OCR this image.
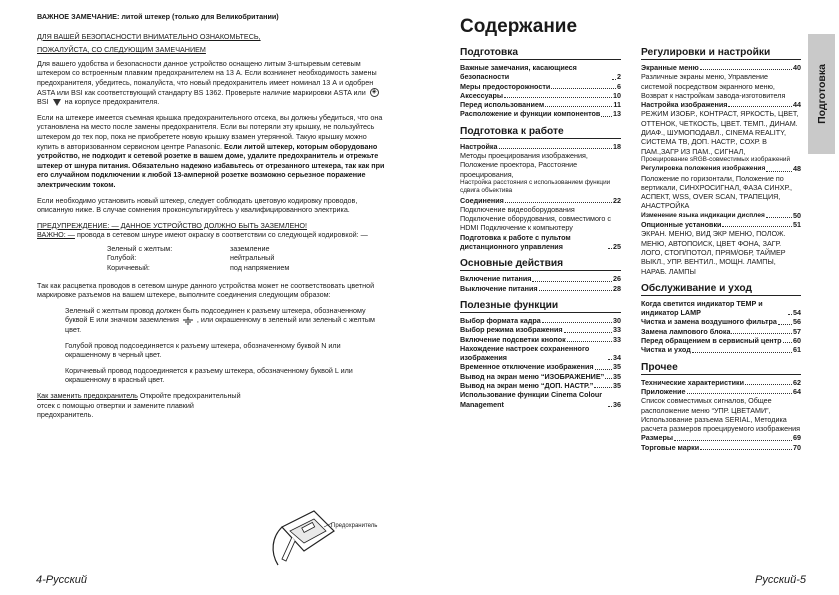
ВАЖНОЕ ЗАМЕЧАНИЕ: литой штекер (только для Великобритании)

ДЛЯ ВАШЕЙ БЕЗОПАСНОСТИ ВНИМАТЕЛЬНО ОЗНАКОМЬТЕСЬ,

ПОЖАЛУЙСТА, СО СЛЕДУЮЩИМ ЗАМЕЧАНИЕМ

Для вашего удобства и безопасности данное устройство оснащено литым 3-штыревым сетевым штекером со встроенным плавким предохранителем на 13 А. Если возникнет необходимость замены предохранителя, убедитесь, пожалуйста, что новый предохранитель имеет номинал 13 А и одобрен ASTA или BSI как соответствующий стандарту BS 1362. Проверьте наличие маркировки ASTA или ◈ BSI на корпусе предохранителя.

Если на штекере имеется съемная крышка предохранительного отсека, вы должны убедиться, что она установлена на место после замены предохранителя. Если вы потеряли эту крышку, не пользуйтесь штекером до тех пор, пока не приобретете новую крышку взамен утерянной. Такую крышку можно купить в авторизованном сервисном центре Panasonic. Если литой штекер, которым оборудовано устройство, не подходит к сетевой розетке в вашем доме, удалите предохранитель и отрежьте штекер от шнура питания. Обязательно надежно избавьтесь от отрезанного штекера, так как при его случайном подключении к любой 13-амперной розетке возможно серьезное поражение электрическим током.

Если необходимо установить новый штекер, следует соблюдать цветовую кодировку проводов, описанную ниже. В случае сомнения проконсультируйтесь у квалифицированного электрика.

ПРЕДУПРЕЖДЕНИЕ: — ДАННОЕ УСТРОЙСТВО ДОЛЖНО БЫТЬ ЗАЗЕМЛЕНО!

ВАЖНО: — провода в сетевом шнуре имеют окраску в соответствии со следующей кодировкой: —

Зеленый с желтым:	заземление
Голубой:	нейтральный
Коричневый:	под напряжением

Так как расцветка проводов в сетевом шнуре данного устройства может не соответствовать цветной маркировке разъемов на вашем штекере, выполните соединения следующим образом:

Зеленый с желтым провод должен быть подсоединен к разъему штекера, обозначенному буквой E или значком заземления	, или окрашенному в зеленый или зеленый с желтым цвет.

Голубой провод подсоединяется к разъему штекера, обозначенному буквой N или окрашенному в черный цвет.

Коричневый провод подсоединяется к разъему штекера, обозначенному буквой L или окрашенному в красный цвет.

Как заменить предохранитель Откройте предохранительный отсек с помощью отвертки и замените плавкий предохранитель.

Предохранитель
4-Русский
Содержание
Подготовка
Важные замечания, касающиеся безопасности	2
Меры предосторожности	6
Аксессуары	10
Перед использованием	11
Расположение и функции компонентов 13
Подготовка к работе
Настройка	18
Методы проецирования изображения, Положение проектора, Расстояние проецирования,
Настройка расстояния с использованием функции сдвига объектива
Соединения	22
Подключение видеооборудования Подключение оборудования, совместимого с HDMI Подключение к компьютеру
Подготовка к работе с пультом дистанционного управления	25
Основные действия
Включение питания	26
Выключение питания	28
Полезные функции
Выбор формата кадра	30
Выбор режима изображения	33
Включение подсветки кнопок	33
Нахождение настроек сохраненного изображения	34
Временное отключение изображения	35
Вывод на экран меню “ИЗОБРАЖЕНИЕ” 35
Вывод на экран меню “ДОП. НАСТР.”	35
Использование функции Cinema Colour Management	36
Регулировки и настройки
Экранные меню	40
Различные экраны меню, Управление системой посредством экранного меню, Возврат к настройкам завода-изготовителя
Настройка изображения	44
РЕЖИМ ИЗОБР., КОНТРАСТ, ЯРКОСТЬ, ЦВЕТ, ОТТЕНОК, ЧЕТКОСТЬ, ЦВЕТ. ТЕМП., ДИНАМ. ДИАФ., ШУМОПОДАВЛ., CINEMA REALITY, СИСТЕМА ТВ, ДОП. НАСТР., СОХР. В ПАМ.,ЗАГР ИЗ ПАМ., СИГНАЛ,
Проецирование sRGB-совместимых изображений
Регулировка положения изображения	48
Положение по горизонтали, Положение по вертикали, СИНХРОСИГНАЛ, ФАЗА СИНХР., АСПЕКТ, WSS, OVER SCAN, ТРАПЕЦИЯ, АНАСТРОЙКА
Изменение языка индикации дисплея	50
Опционные установки	51
ЭКРАН. МЕНЮ, ВИД ЭКР МЕНЮ, ПОЛОЖ. МЕНЮ, АВТОПОИСК, ЦВЕТ ФОНА, ЗАГР. ЛОГО, СТОП/ПОТОЛ, ПРЯМ/ОБР, ТАЙМЕР ВЫКЛ., УПР. ВЕНТИЛ., МОЩН. ЛАМПЫ, НАРАБ. ЛАМПЫ
Обслуживание и уход
Когда светится индикатор TEMP и индикатор LAMP	54
Чистка и замена воздушного фильтра 56
Замена лампового блока	57
Перед обращением в сервисный центр 60
Чистка и уход	61
Прочее
Технические характеристики	62
Приложение	64
Список совместимых сигналов, Общее расположение меню “УПР. ЦВЕТАМИ”, Использование разъема SERIAL, Методика расчета размеров проецируемого изображения
Размеры	69
Торговые марки	70
Подготовка
Русский-5
